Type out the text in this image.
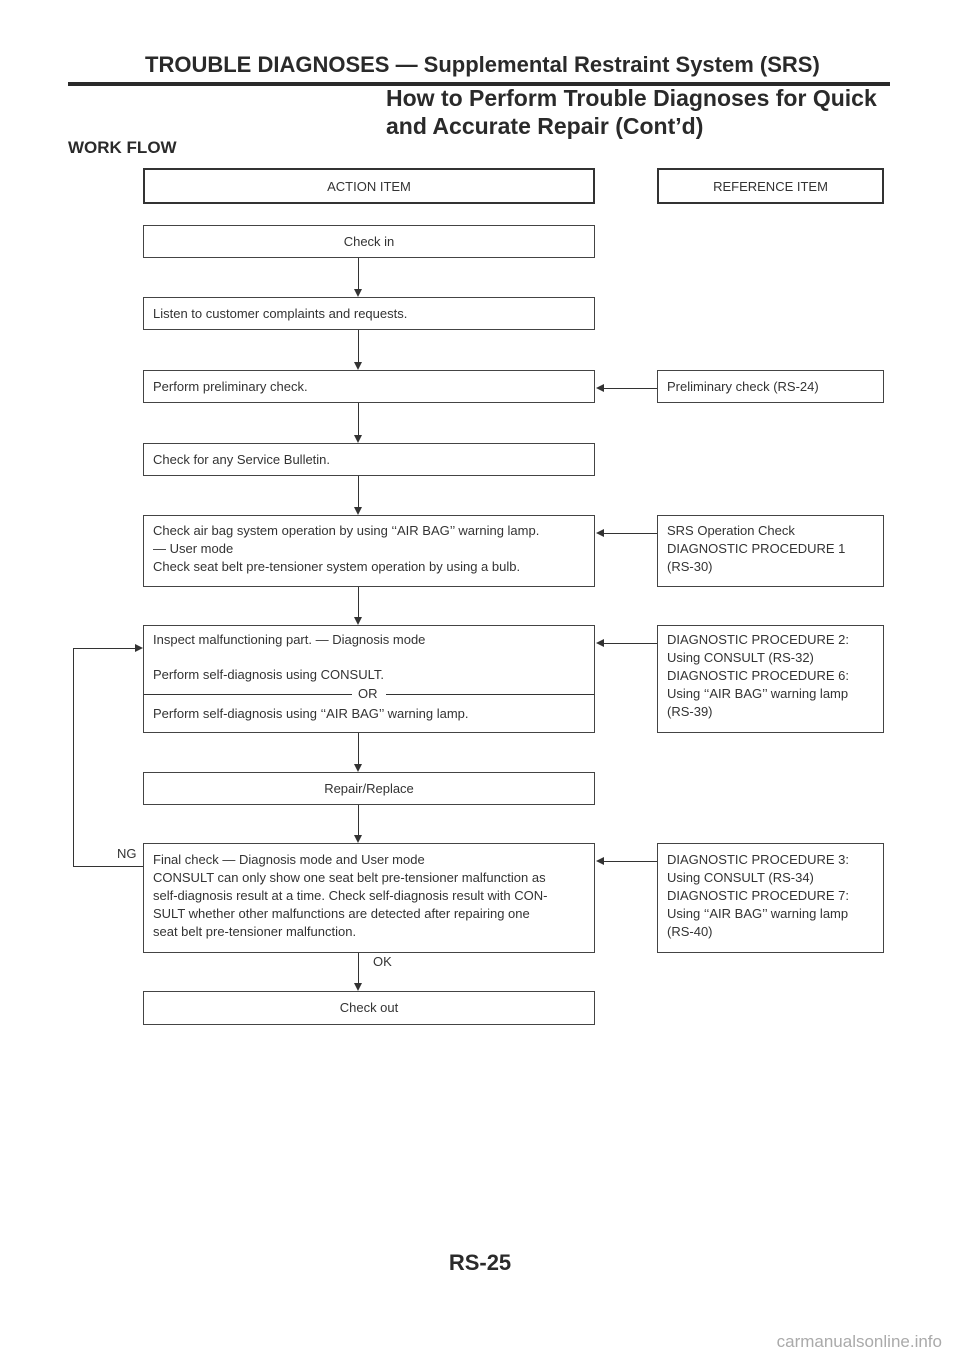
TROUBLE DIAGNOSES — Supplemental Restraint System (SRS)
How to Perform Trouble Diagnoses for Quick
and Accurate Repair (Cont’d)
WORK FLOW
ACTION ITEM	REFERENCE ITEM
Check in
Listen to customer complaints and requests.
Perform preliminary check.
Check for any Service Bulletin.
Check air bag system operation by using ‘‘AIR BAG’’ warning lamp.
— User mode
Check seat belt pre-tensioner system operation by using a bulb.
Inspect malfunctioning part. — Diagnosis mode
Perform self-diagnosis using CONSULT.
OR
Perform self-diagnosis using ‘‘AIR BAG’’ warning lamp.
Repair/Replace
Final check — Diagnosis mode and User mode
CONSULT can only show one seat belt pre-tensioner malfunction as
self-diagnosis result at a time. Check self-diagnosis result with CON-
SULT whether other malfunctions are detected after repairing one
seat belt pre-tensioner malfunction.
Check out
Preliminary check (RS-24)
SRS Operation Check
DIAGNOSTIC PROCEDURE 1
(RS-30)
DIAGNOSTIC PROCEDURE 2:
Using CONSULT (RS-32)
DIAGNOSTIC PROCEDURE 6:
Using ‘‘AIR BAG’’ warning lamp
(RS-39)
DIAGNOSTIC PROCEDURE 3:
Using CONSULT (RS-34)
DIAGNOSTIC PROCEDURE 7:
Using ‘‘AIR BAG’’ warning lamp
(RS-40)
OK
NG
RS-25
carmanualsonline.info
